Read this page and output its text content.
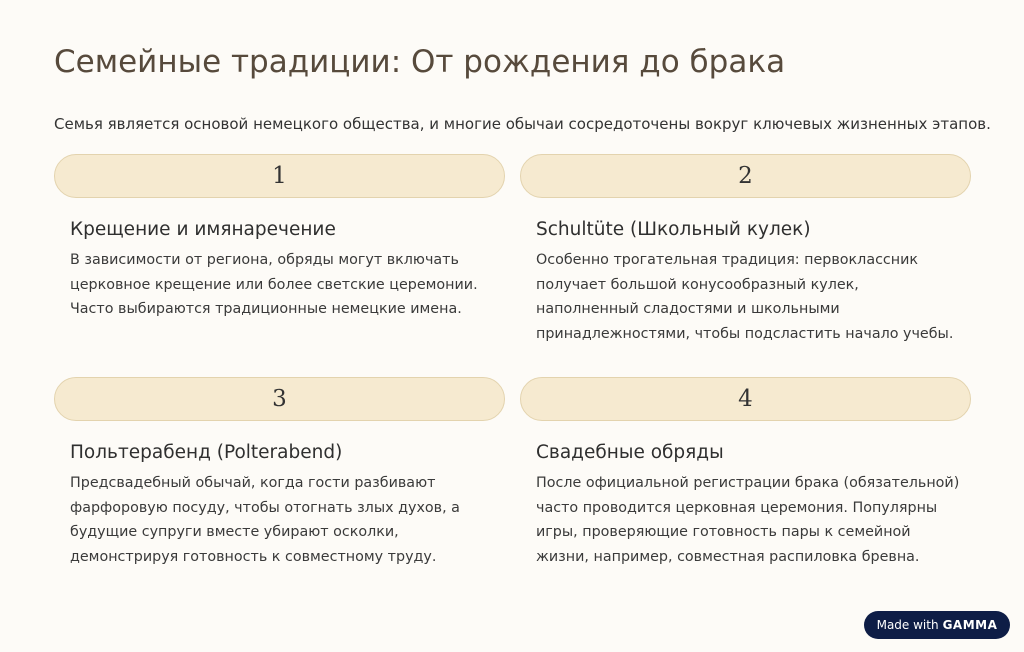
Семейные традиции: От рождения до брака

Семья является основой немецкого общества, и многие обычаи сосредоточены вокруг ключевых жизненных этапов.

1
Крещение и имянаречение

В зависимости от региона, обряды могут включать церковное крещение или более светские церемонии. Часто выбираются традиционные немецкие имена.

2
Schultüte (Школьный кулек)

Особенно трогательная традиция: первоклассник получает большой конусообразный кулек, наполненный сладостями и школьными принадлежностями, чтобы подсластить начало учебы.

3
Польтерабенд (Polterabend)

Предсвадебный обычай, когда гости разбивают фарфоровую посуду, чтобы отогнать злых духов, а будущие супруги вместе убирают осколки, демонстрируя готовность к совместному труду.

4
Свадебные обряды

После официальной регистрации брака (обязательной) часто проводится церковная церемония. Популярны игры, проверяющие готовность пары к семейной жизни, например, совместная распиловка бревна.

Made with GAMMA
